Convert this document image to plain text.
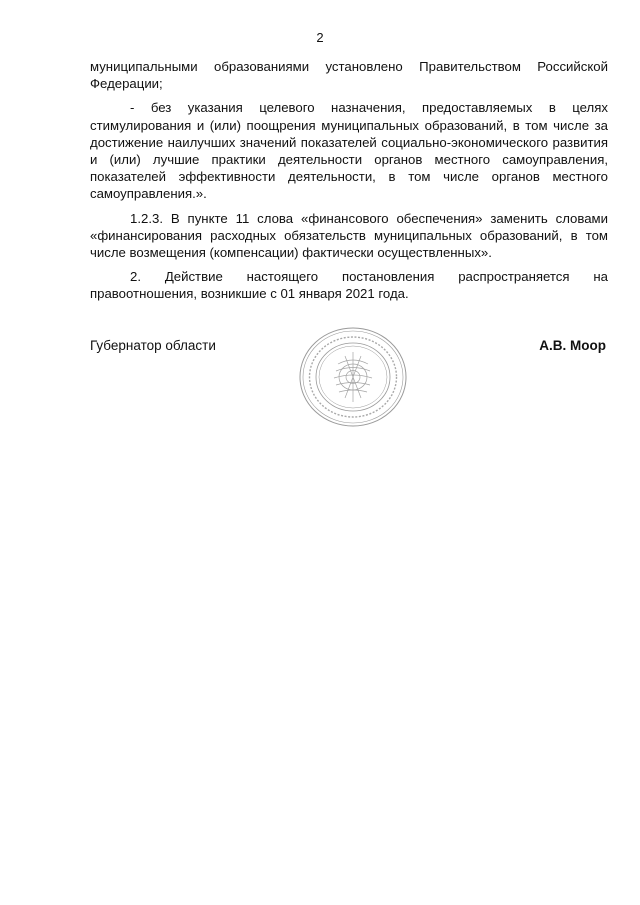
2

муниципальными образованиями установлено Правительством Российской Федерации;

- без указания целевого назначения, предоставляемых в целях стимулирования и (или) поощрения муниципальных образований, в том числе за достижение наилучших значений показателей социально-экономического развития и (или) лучшие практики деятельности органов местного самоуправления, показателей эффективности деятельности, в том числе органов местного самоуправления.».

1.2.3. В пункте 11 слова «финансового обеспечения» заменить словами «финансирования расходных обязательств муниципальных образований, в том числе возмещения (компенсации) фактически осуществленных».

2. Действие настоящего постановления распространяется на правоотношения, возникшие с 01 января 2021 года.

Губернатор области	А.В. Моор
